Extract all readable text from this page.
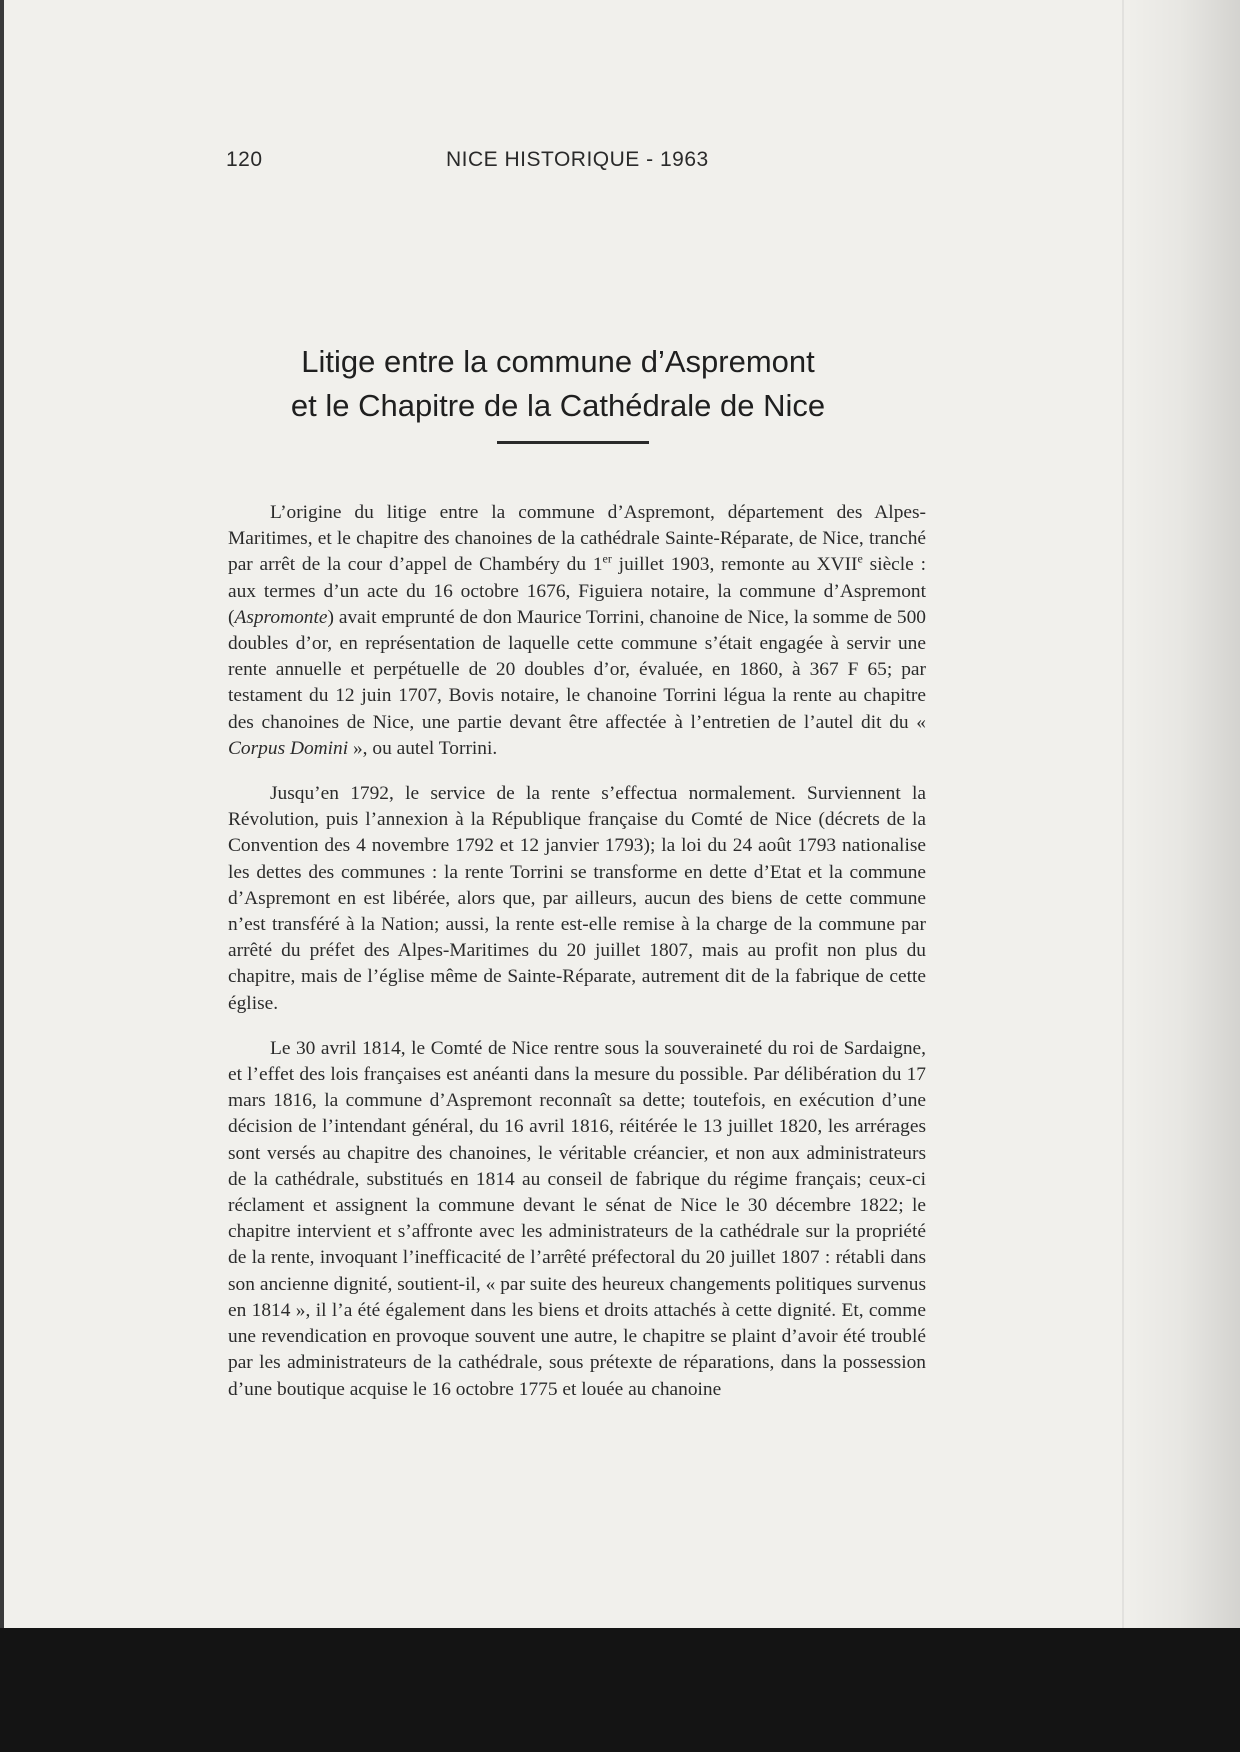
120	NICE HISTORIQUE - 1963
Litige entre la commune d’Aspremont
et le Chapitre de la Cathédrale de Nice

L’origine du litige entre la commune d’Aspremont, département des Alpes-Maritimes, et le chapitre des chanoines de la cathédrale Sainte-Réparate, de Nice, tranché par arrêt de la cour d’appel de Chambéry du 1er juillet 1903, remonte au XVIIe siècle : aux termes d’un acte du 16 octobre 1676, Figuiera notaire, la commune d’Aspremont (Aspromonte) avait emprunté de don Maurice Torrini, chanoine de Nice, la somme de 500 doubles d’or, en représentation de laquelle cette commune s’était engagée à servir une rente annuelle et perpétuelle de 20 doubles d’or, évaluée, en 1860, à 367 F 65; par testament du 12 juin 1707, Bovis notaire, le chanoine Torrini légua la rente au chapitre des chanoines de Nice, une partie devant être affectée à l’entretien de l’autel dit du « Corpus Domini », ou autel Torrini.

Jusqu’en 1792, le service de la rente s’effectua normalement. Surviennent la Révolution, puis l’annexion à la République française du Comté de Nice (décrets de la Convention des 4 novembre 1792 et 12 janvier 1793); la loi du 24 août 1793 nationalise les dettes des communes : la rente Torrini se transforme en dette d’Etat et la commune d’Aspremont en est libérée, alors que, par ailleurs, aucun des biens de cette commune n’est transféré à la Nation; aussi, la rente est-elle remise à la charge de la commune par arrêté du préfet des Alpes-Maritimes du 20 juillet 1807, mais au profit non plus du chapitre, mais de l’église même de Sainte-Réparate, autrement dit de la fabrique de cette église.

Le 30 avril 1814, le Comté de Nice rentre sous la souveraineté du roi de Sardaigne, et l’effet des lois françaises est anéanti dans la mesure du possible. Par délibération du 17 mars 1816, la commune d’Aspremont reconnaît sa dette; toutefois, en exécution d’une décision de l’intendant général, du 16 avril 1816, réitérée le 13 juillet 1820, les arrérages sont versés au chapitre des chanoines, le véritable créancier, et non aux administrateurs de la cathédrale, substitués en 1814 au conseil de fabrique du régime français; ceux-ci réclament et assignent la commune devant le sénat de Nice le 30 décembre 1822; le chapitre intervient et s’affronte avec les administrateurs de la cathédrale sur la propriété de la rente, invoquant l’inefficacité de l’arrêté préfectoral du 20 juillet 1807 : rétabli dans son ancienne dignité, soutient-il, « par suite des heureux changements politiques survenus en 1814 », il l’a été également dans les biens et droits attachés à cette dignité. Et, comme une revendication en provoque souvent une autre, le chapitre se plaint d’avoir été troublé par les administrateurs de la cathédrale, sous prétexte de réparations, dans la possession d’une boutique acquise le 16 octobre 1775 et louée au chanoine
